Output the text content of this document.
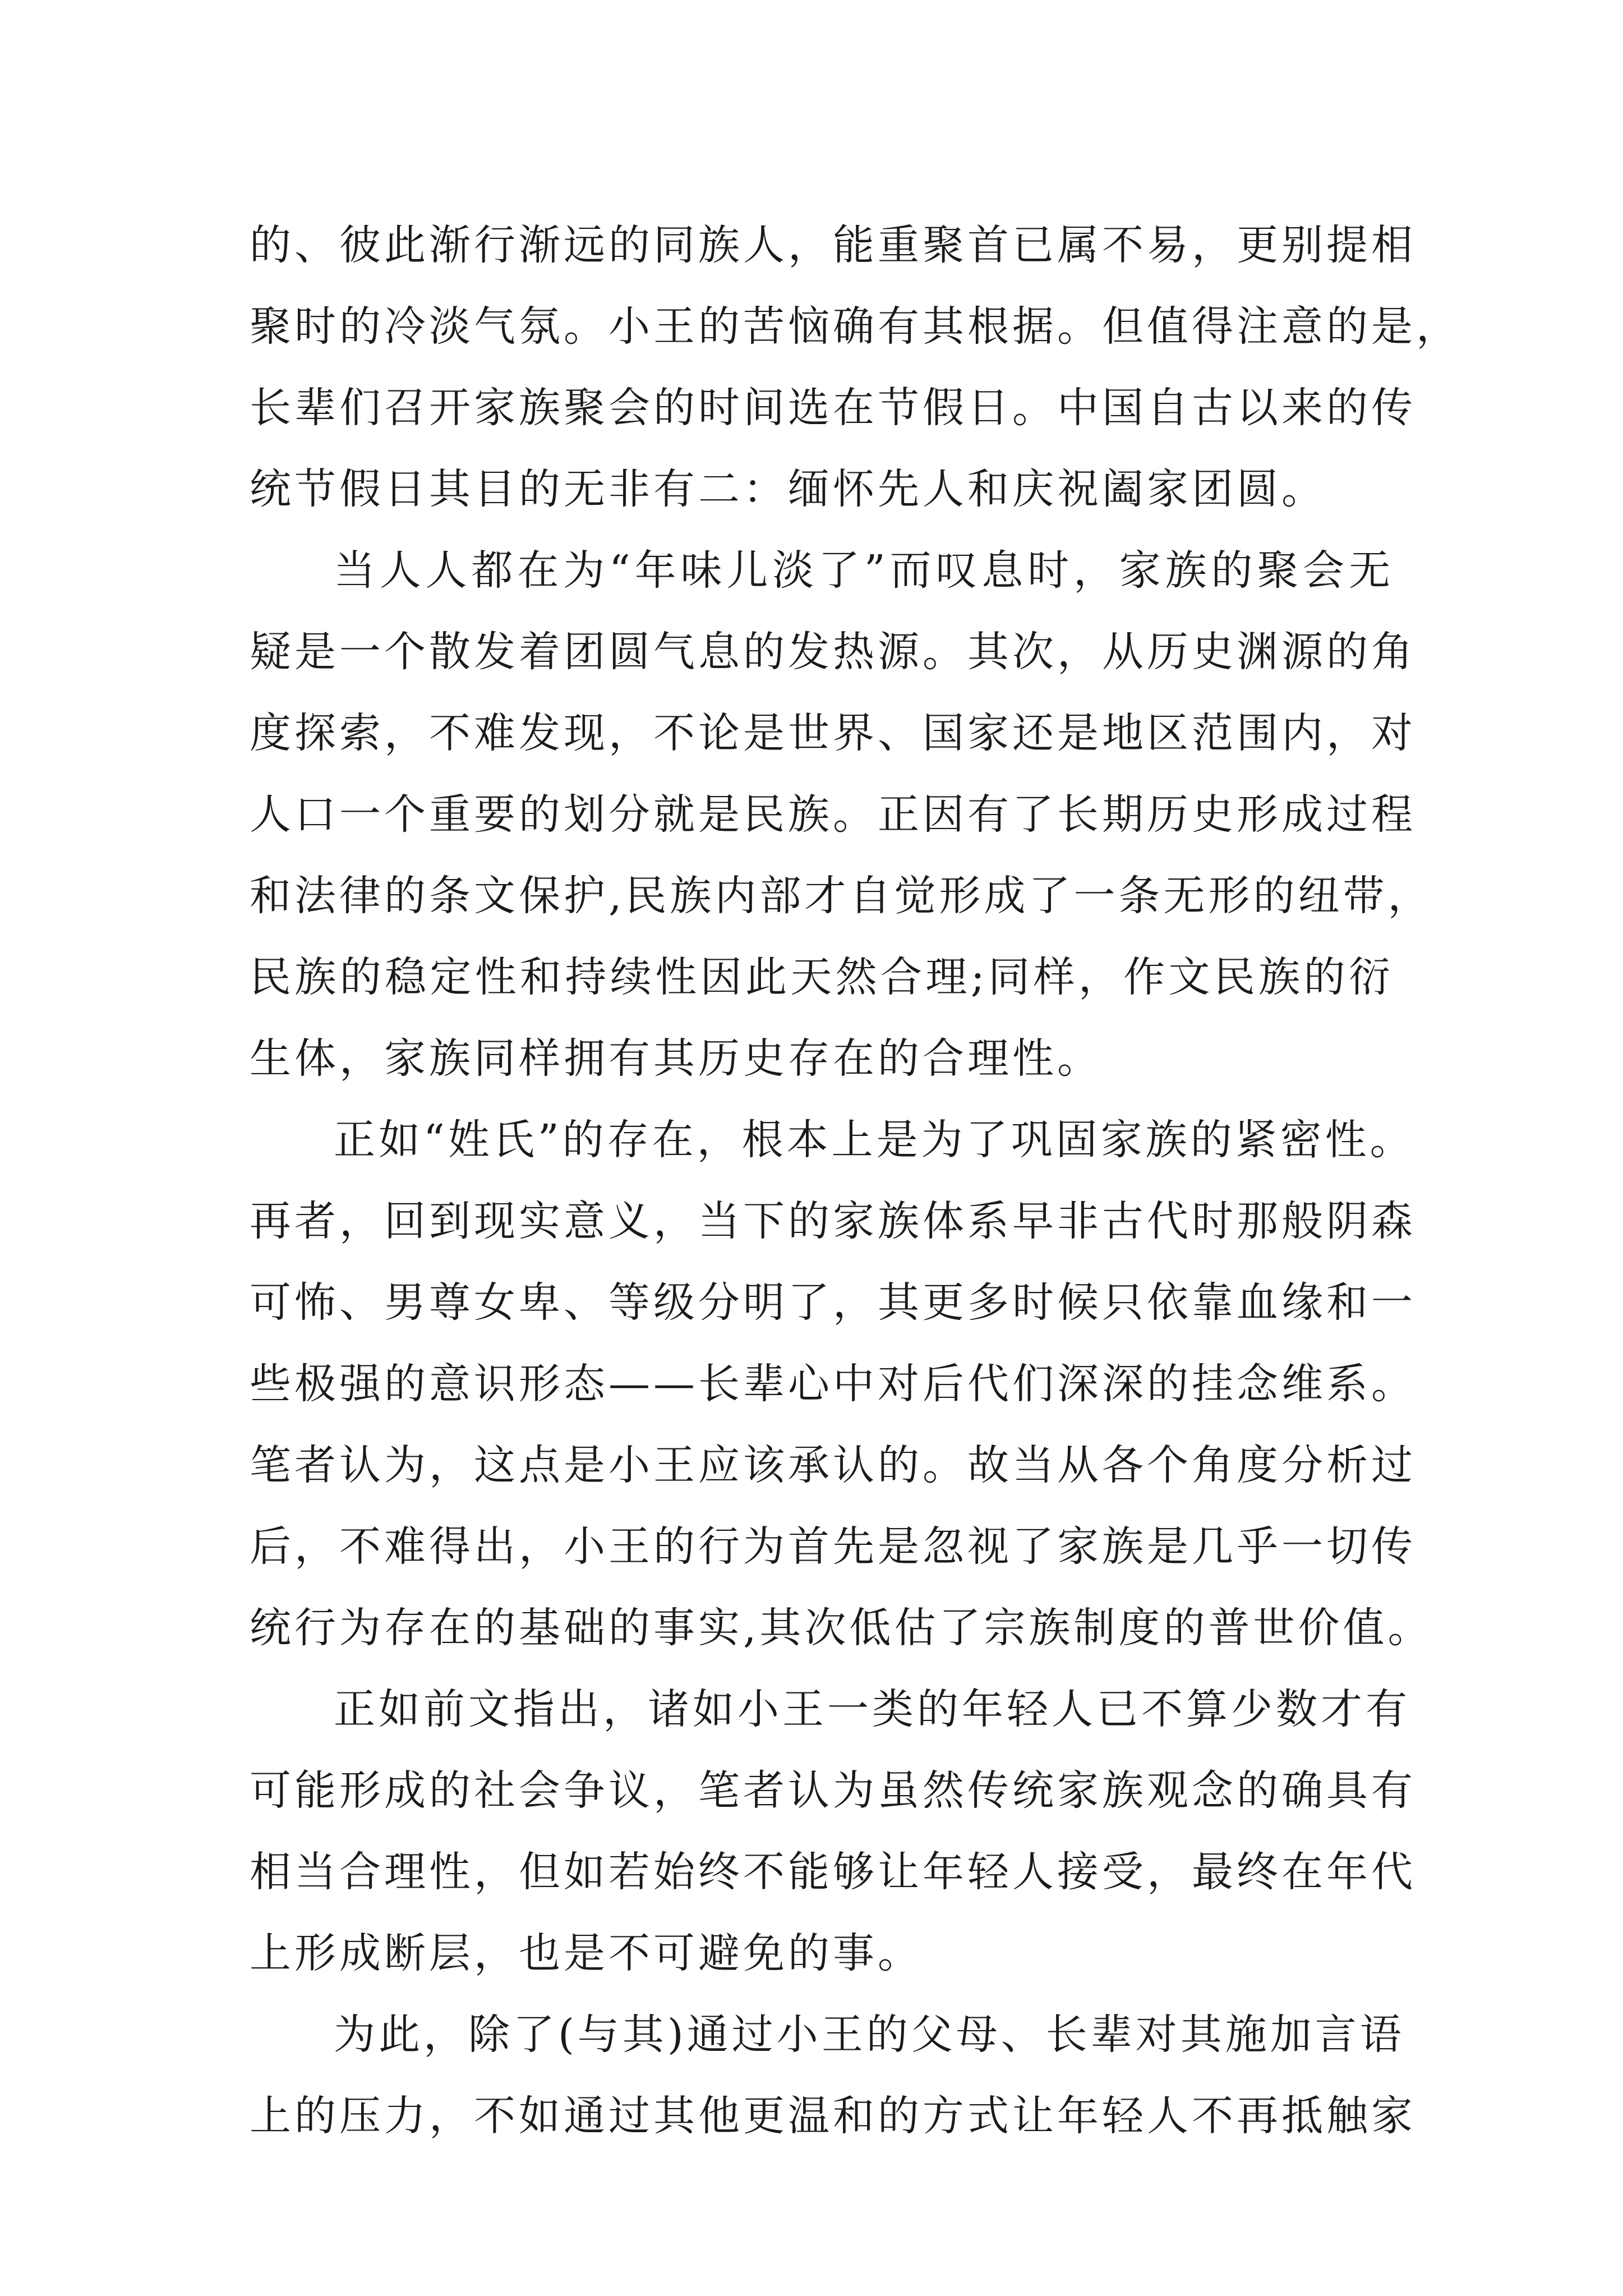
的、彼此渐行渐远的同族人，能重聚首已属不易，更别提相
聚时的冷淡气氛。小王的苦恼确有其根据。但值得注意的是，
长辈们召开家族聚会的时间选在节假日。中国自古以来的传
统节假日其目的无非有二：缅怀先人和庆祝阖家团圆。
当人人都在为“年味儿淡了”而叹息时，家族的聚会无
疑是一个散发着团圆气息的发热源。其次，从历史渊源的角
度探索，不难发现，不论是世界、国家还是地区范围内，对
人口一个重要的划分就是民族。正因有了长期历史形成过程
和法律的条文保护,民族内部才自觉形成了一条无形的纽带，
民族的稳定性和持续性因此天然合理;同样，作文民族的衍
生体，家族同样拥有其历史存在的合理性。
正如“姓氏”的存在，根本上是为了巩固家族的紧密性。
再者，回到现实意义，当下的家族体系早非古代时那般阴森
可怖、男尊女卑、等级分明了，其更多时候只依靠血缘和一
些极强的意识形态——长辈心中对后代们深深的挂念维系。
笔者认为，这点是小王应该承认的。故当从各个角度分析过
后，不难得出，小王的行为首先是忽视了家族是几乎一切传
统行为存在的基础的事实,其次低估了宗族制度的普世价值。
正如前文指出，诸如小王一类的年轻人已不算少数才有
可能形成的社会争议，笔者认为虽然传统家族观念的确具有
相当合理性，但如若始终不能够让年轻人接受，最终在年代
上形成断层，也是不可避免的事。
为此，除了(与其)通过小王的父母、长辈对其施加言语
上的压力，不如通过其他更温和的方式让年轻人不再抵触家
